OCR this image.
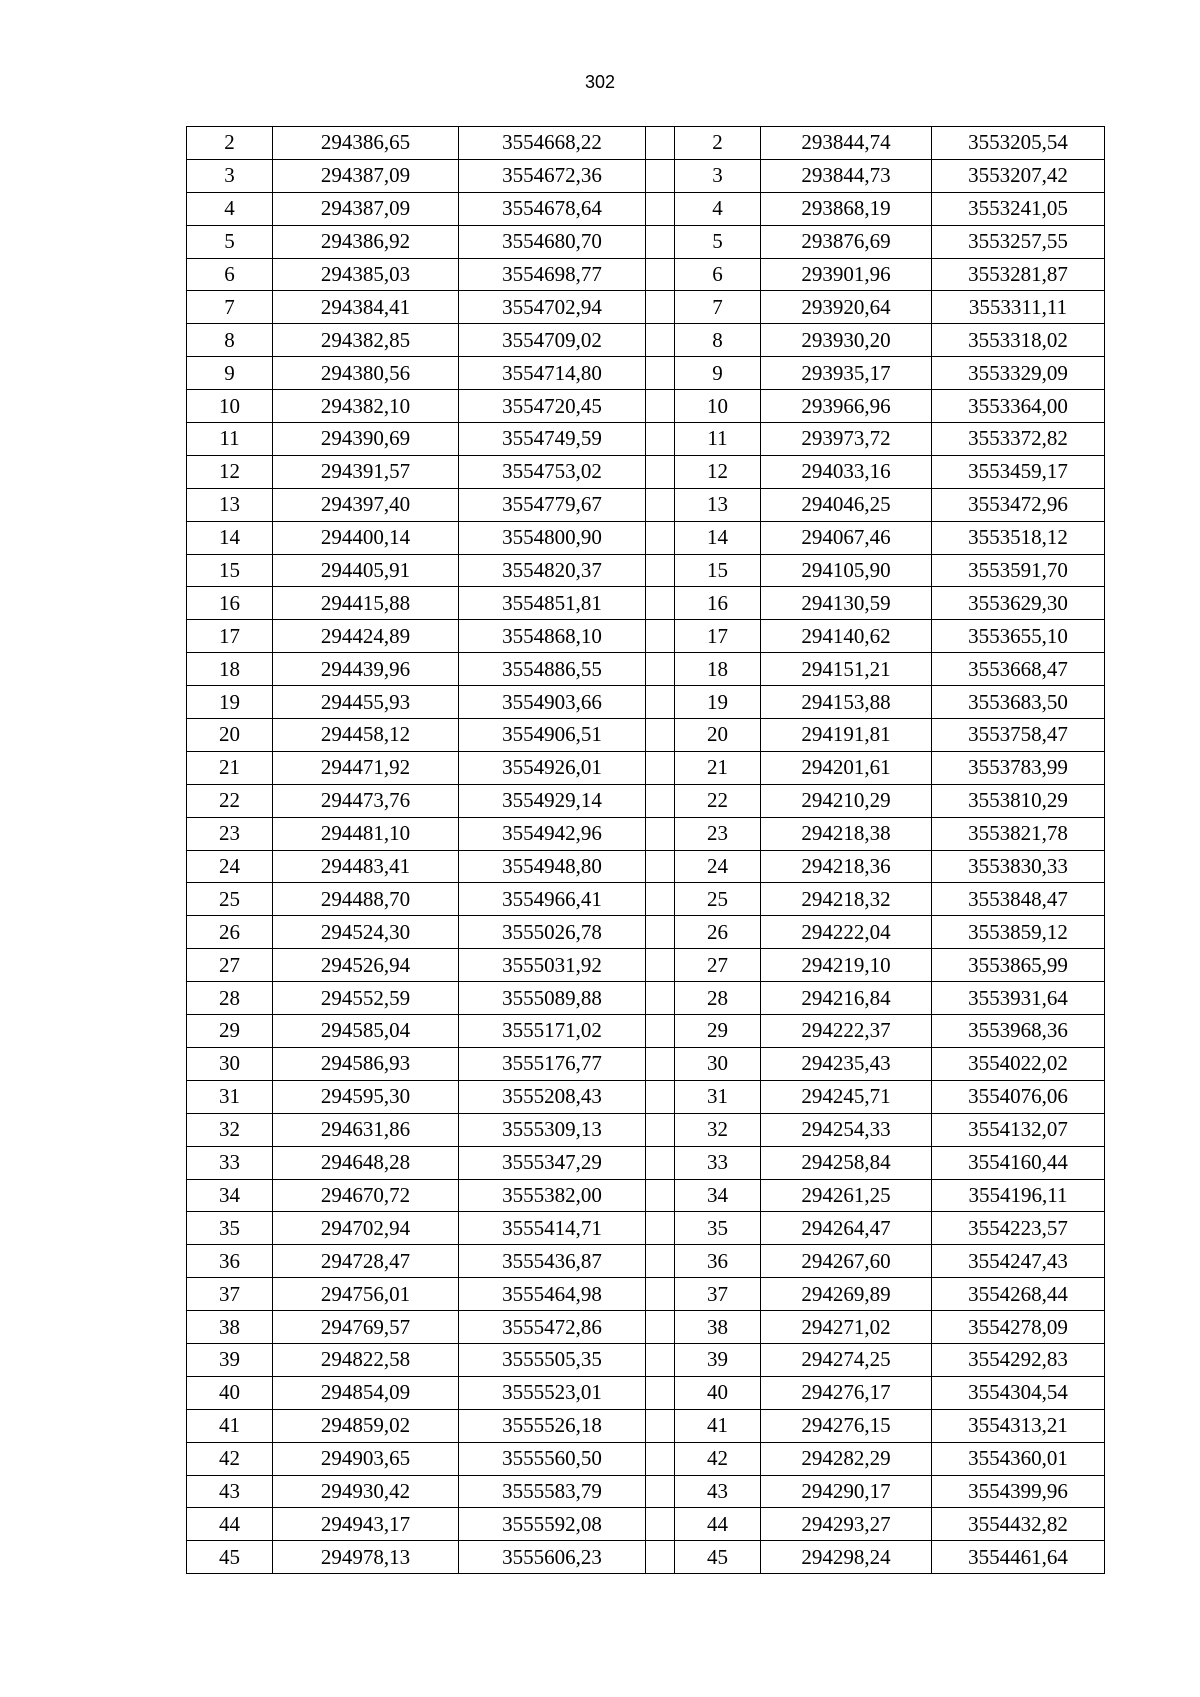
302
2	294386,65	3554668,22		2	293844,74	3553205,54
3	294387,09	3554672,36		3	293844,73	3553207,42
4	294387,09	3554678,64		4	293868,19	3553241,05
5	294386,92	3554680,70		5	293876,69	3553257,55
6	294385,03	3554698,77		6	293901,96	3553281,87
7	294384,41	3554702,94		7	293920,64	3553311,11
8	294382,85	3554709,02		8	293930,20	3553318,02
9	294380,56	3554714,80		9	293935,17	3553329,09
10	294382,10	3554720,45		10	293966,96	3553364,00
11	294390,69	3554749,59		11	293973,72	3553372,82
12	294391,57	3554753,02		12	294033,16	3553459,17
13	294397,40	3554779,67		13	294046,25	3553472,96
14	294400,14	3554800,90		14	294067,46	3553518,12
15	294405,91	3554820,37		15	294105,90	3553591,70
16	294415,88	3554851,81		16	294130,59	3553629,30
17	294424,89	3554868,10		17	294140,62	3553655,10
18	294439,96	3554886,55		18	294151,21	3553668,47
19	294455,93	3554903,66		19	294153,88	3553683,50
20	294458,12	3554906,51		20	294191,81	3553758,47
21	294471,92	3554926,01		21	294201,61	3553783,99
22	294473,76	3554929,14		22	294210,29	3553810,29
23	294481,10	3554942,96		23	294218,38	3553821,78
24	294483,41	3554948,80		24	294218,36	3553830,33
25	294488,70	3554966,41		25	294218,32	3553848,47
26	294524,30	3555026,78		26	294222,04	3553859,12
27	294526,94	3555031,92		27	294219,10	3553865,99
28	294552,59	3555089,88		28	294216,84	3553931,64
29	294585,04	3555171,02		29	294222,37	3553968,36
30	294586,93	3555176,77		30	294235,43	3554022,02
31	294595,30	3555208,43		31	294245,71	3554076,06
32	294631,86	3555309,13		32	294254,33	3554132,07
33	294648,28	3555347,29		33	294258,84	3554160,44
34	294670,72	3555382,00		34	294261,25	3554196,11
35	294702,94	3555414,71		35	294264,47	3554223,57
36	294728,47	3555436,87		36	294267,60	3554247,43
37	294756,01	3555464,98		37	294269,89	3554268,44
38	294769,57	3555472,86		38	294271,02	3554278,09
39	294822,58	3555505,35		39	294274,25	3554292,83
40	294854,09	3555523,01		40	294276,17	3554304,54
41	294859,02	3555526,18		41	294276,15	3554313,21
42	294903,65	3555560,50		42	294282,29	3554360,01
43	294930,42	3555583,79		43	294290,17	3554399,96
44	294943,17	3555592,08		44	294293,27	3554432,82
45	294978,13	3555606,23		45	294298,24	3554461,64
